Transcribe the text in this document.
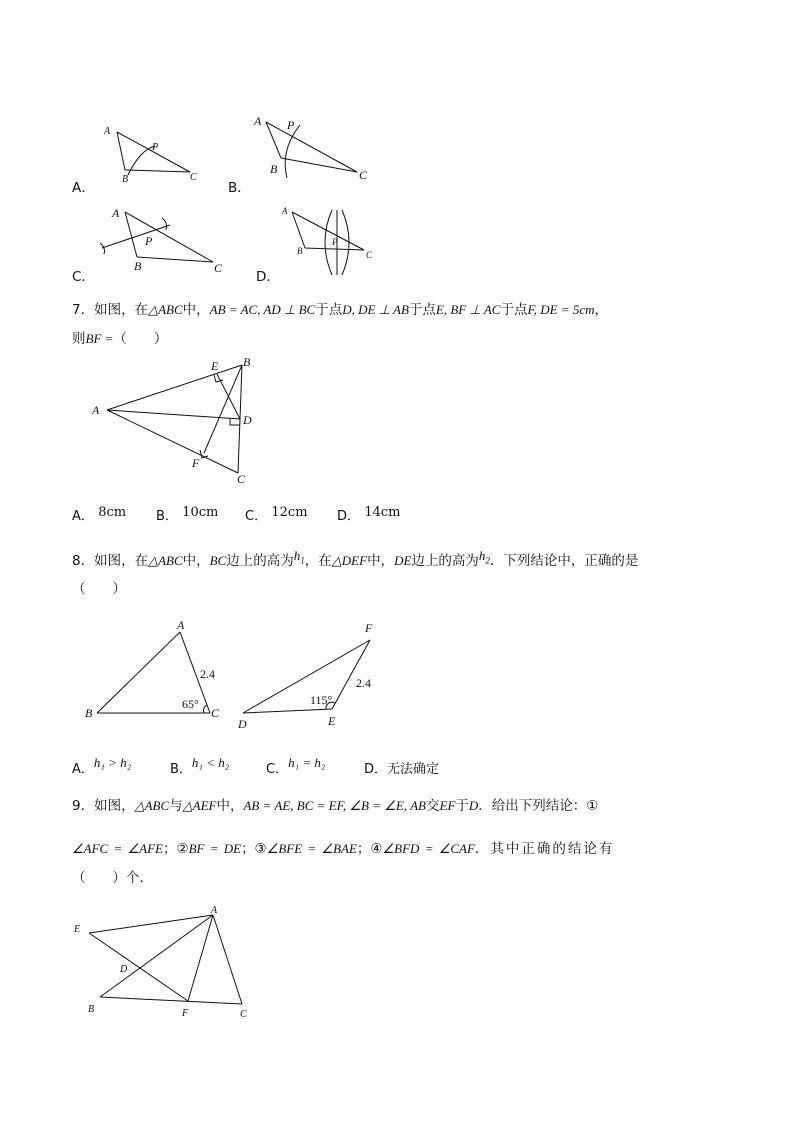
A
B	C
P
A
B	C
P
A
B	C
P
A
B	C
P
A．	B．
C．	D．
7．如图，在△ABC中，AB = AC, AD ⊥ BC于点D, DE ⊥ AB于点E, BF ⊥ AC于点F, DE = 5cm，
则BF =（　　）
A
B
C
D
E
F
A． 8cm B． 10cm C． 12cm D． 14cm
8．如图，在△ABC中，BC边上的高为$h_1$，在△DEF中，DE边上的高为$h_2$．下列结论中，正确的是
（　　）
A
B	C
2.4
65°
D	E
F
2.4
115°
A．h₁ > h₂	B．h₁ < h₂	C．h₁ = h₂	D．无法确定
9．如图，△ABC与△AEF中，AB = AE, BC = EF, ∠B = ∠E, AB交EF于D．给出下列结论：①
∠AFC = ∠AFE；②BF = DE；③∠BFE = ∠BAE；④∠BFD = ∠CAF．其中正确的结论有
（　　）个．
E
A
D
B	F	C
